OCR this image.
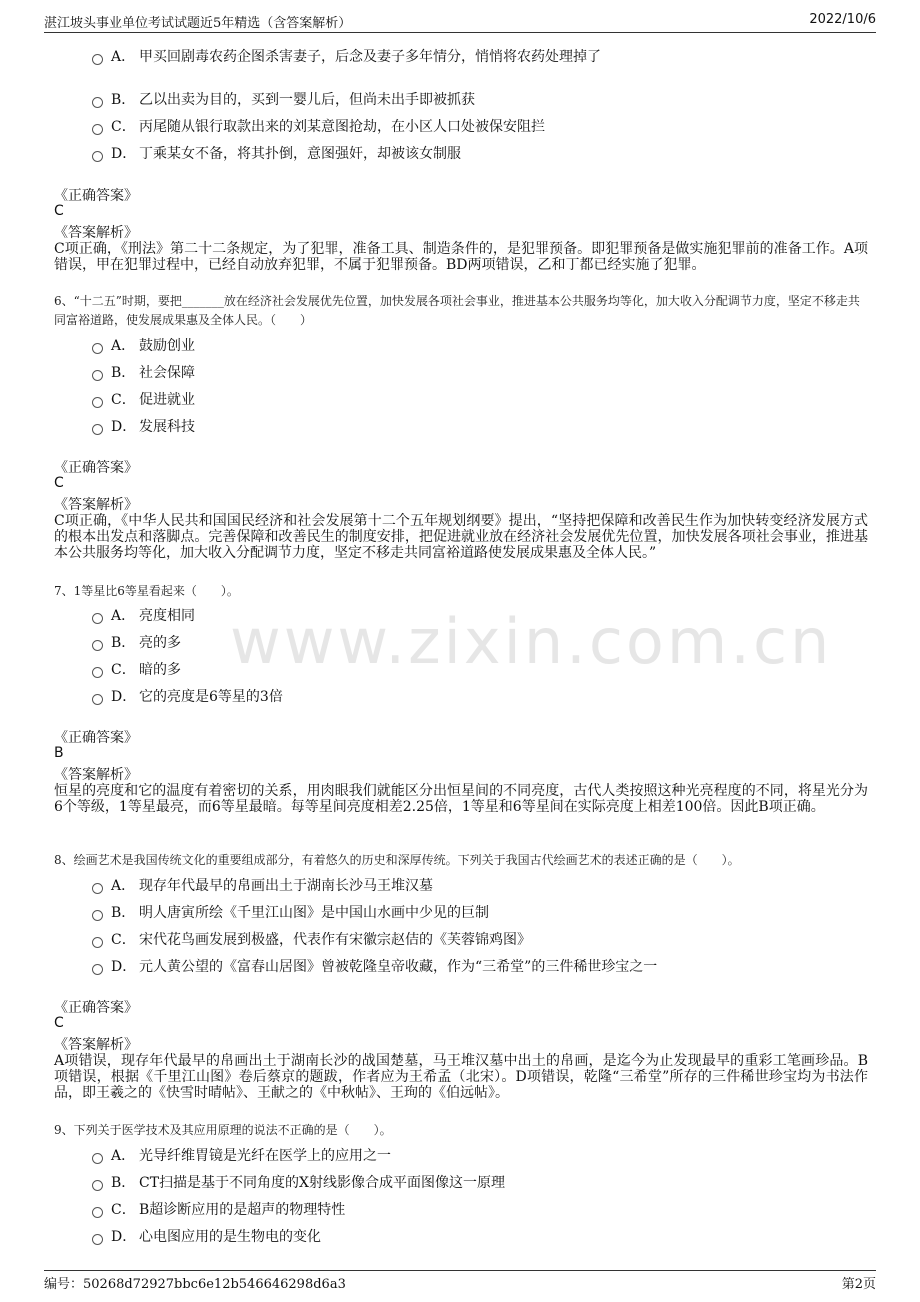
湛江坡头事业单位考试试题近5年精选（含答案解析）	2022/10/6
www.zixin.com.cn
A． 甲买回剧毒农药企图杀害妻子，后念及妻子多年情分，悄悄将农药处理掉了
B． 乙以出卖为目的，买到一婴儿后，但尚未出手即被抓获
C． 丙尾随从银行取款出来的刘某意图抢劫，在小区人口处被保安阻拦
D． 丁乘某女不备，将其扑倒，意图强奸，却被该女制服
《正确答案》
C
《答案解析》
C项正确，《刑法》第二十二条规定，为了犯罪，准备工具、制造条件的，是犯罪预备。即犯罪预备是做实施犯罪前的准备工作。A项错误，甲在犯罪过程中，已经自动放弃犯罪，不属于犯罪预备。BD两项错误，乙和丁都已经实施了犯罪。
6、“十二五”时期，要把_______放在经济社会发展优先位置，加快发展各项社会事业，推进基本公共服务均等化，加大收入分配调节力度，坚定不移走共同富裕道路，使发展成果惠及全体人民。（　　）
A． 鼓励创业
B． 社会保障
C． 促进就业
D． 发展科技
《正确答案》
C
《答案解析》
C项正确，《中华人民共和国国民经济和社会发展第十二个五年规划纲要》提出，“坚持把保障和改善民生作为加快转变经济发展方式的根本出发点和落脚点。完善保障和改善民生的制度安排，把促进就业放在经济社会发展优先位置，加快发展各项社会事业，推进基本公共服务均等化，加大收入分配调节力度，坚定不移走共同富裕道路使发展成果惠及全体人民。”
7、1等星比6等星看起来（　　）。
A． 亮度相同
B． 亮的多
C． 暗的多
D． 它的亮度是6等星的3倍
《正确答案》
B
《答案解析》
恒星的亮度和它的温度有着密切的关系，用肉眼我们就能区分出恒星间的不同亮度，古代人类按照这种光亮程度的不同，将星光分为6个等级，1等星最亮，而6等星最暗。每等星间亮度相差2.25倍，1等星和6等星间在实际亮度上相差100倍。因此B项正确。
8、绘画艺术是我国传统文化的重要组成部分，有着悠久的历史和深厚传统。下列关于我国古代绘画艺术的表述正确的是（　　）。
A． 现存年代最早的帛画出土于湖南长沙马王堆汉墓
B． 明人唐寅所绘《千里江山图》是中国山水画中少见的巨制
C． 宋代花鸟画发展到极盛，代表作有宋徽宗赵佶的《芙蓉锦鸡图》
D． 元人黄公望的《富春山居图》曾被乾隆皇帝收藏，作为“三希堂”的三件稀世珍宝之一
《正确答案》
C
《答案解析》
A项错误，现存年代最早的帛画出土于湖南长沙的战国楚墓，马王堆汉墓中出土的帛画，是迄今为止发现最早的重彩工笔画珍品。B项错误，根据《千里江山图》卷后蔡京的题跋，作者应为王希孟（北宋）。D项错误，乾隆“三希堂”所存的三件稀世珍宝均为书法作品，即王羲之的《快雪时晴帖》、王献之的《中秋帖》、王珣的《伯远帖》。
9、下列关于医学技术及其应用原理的说法不正确的是（　　）。
A． 光导纤维胃镜是光纤在医学上的应用之一
B． CT扫描是基于不同角度的X射线影像合成平面图像这一原理
C． B超诊断应用的是超声的物理特性
D． 心电图应用的是生物电的变化
编号：50268d72927bbc6e12b546646298d6a3	第2页
